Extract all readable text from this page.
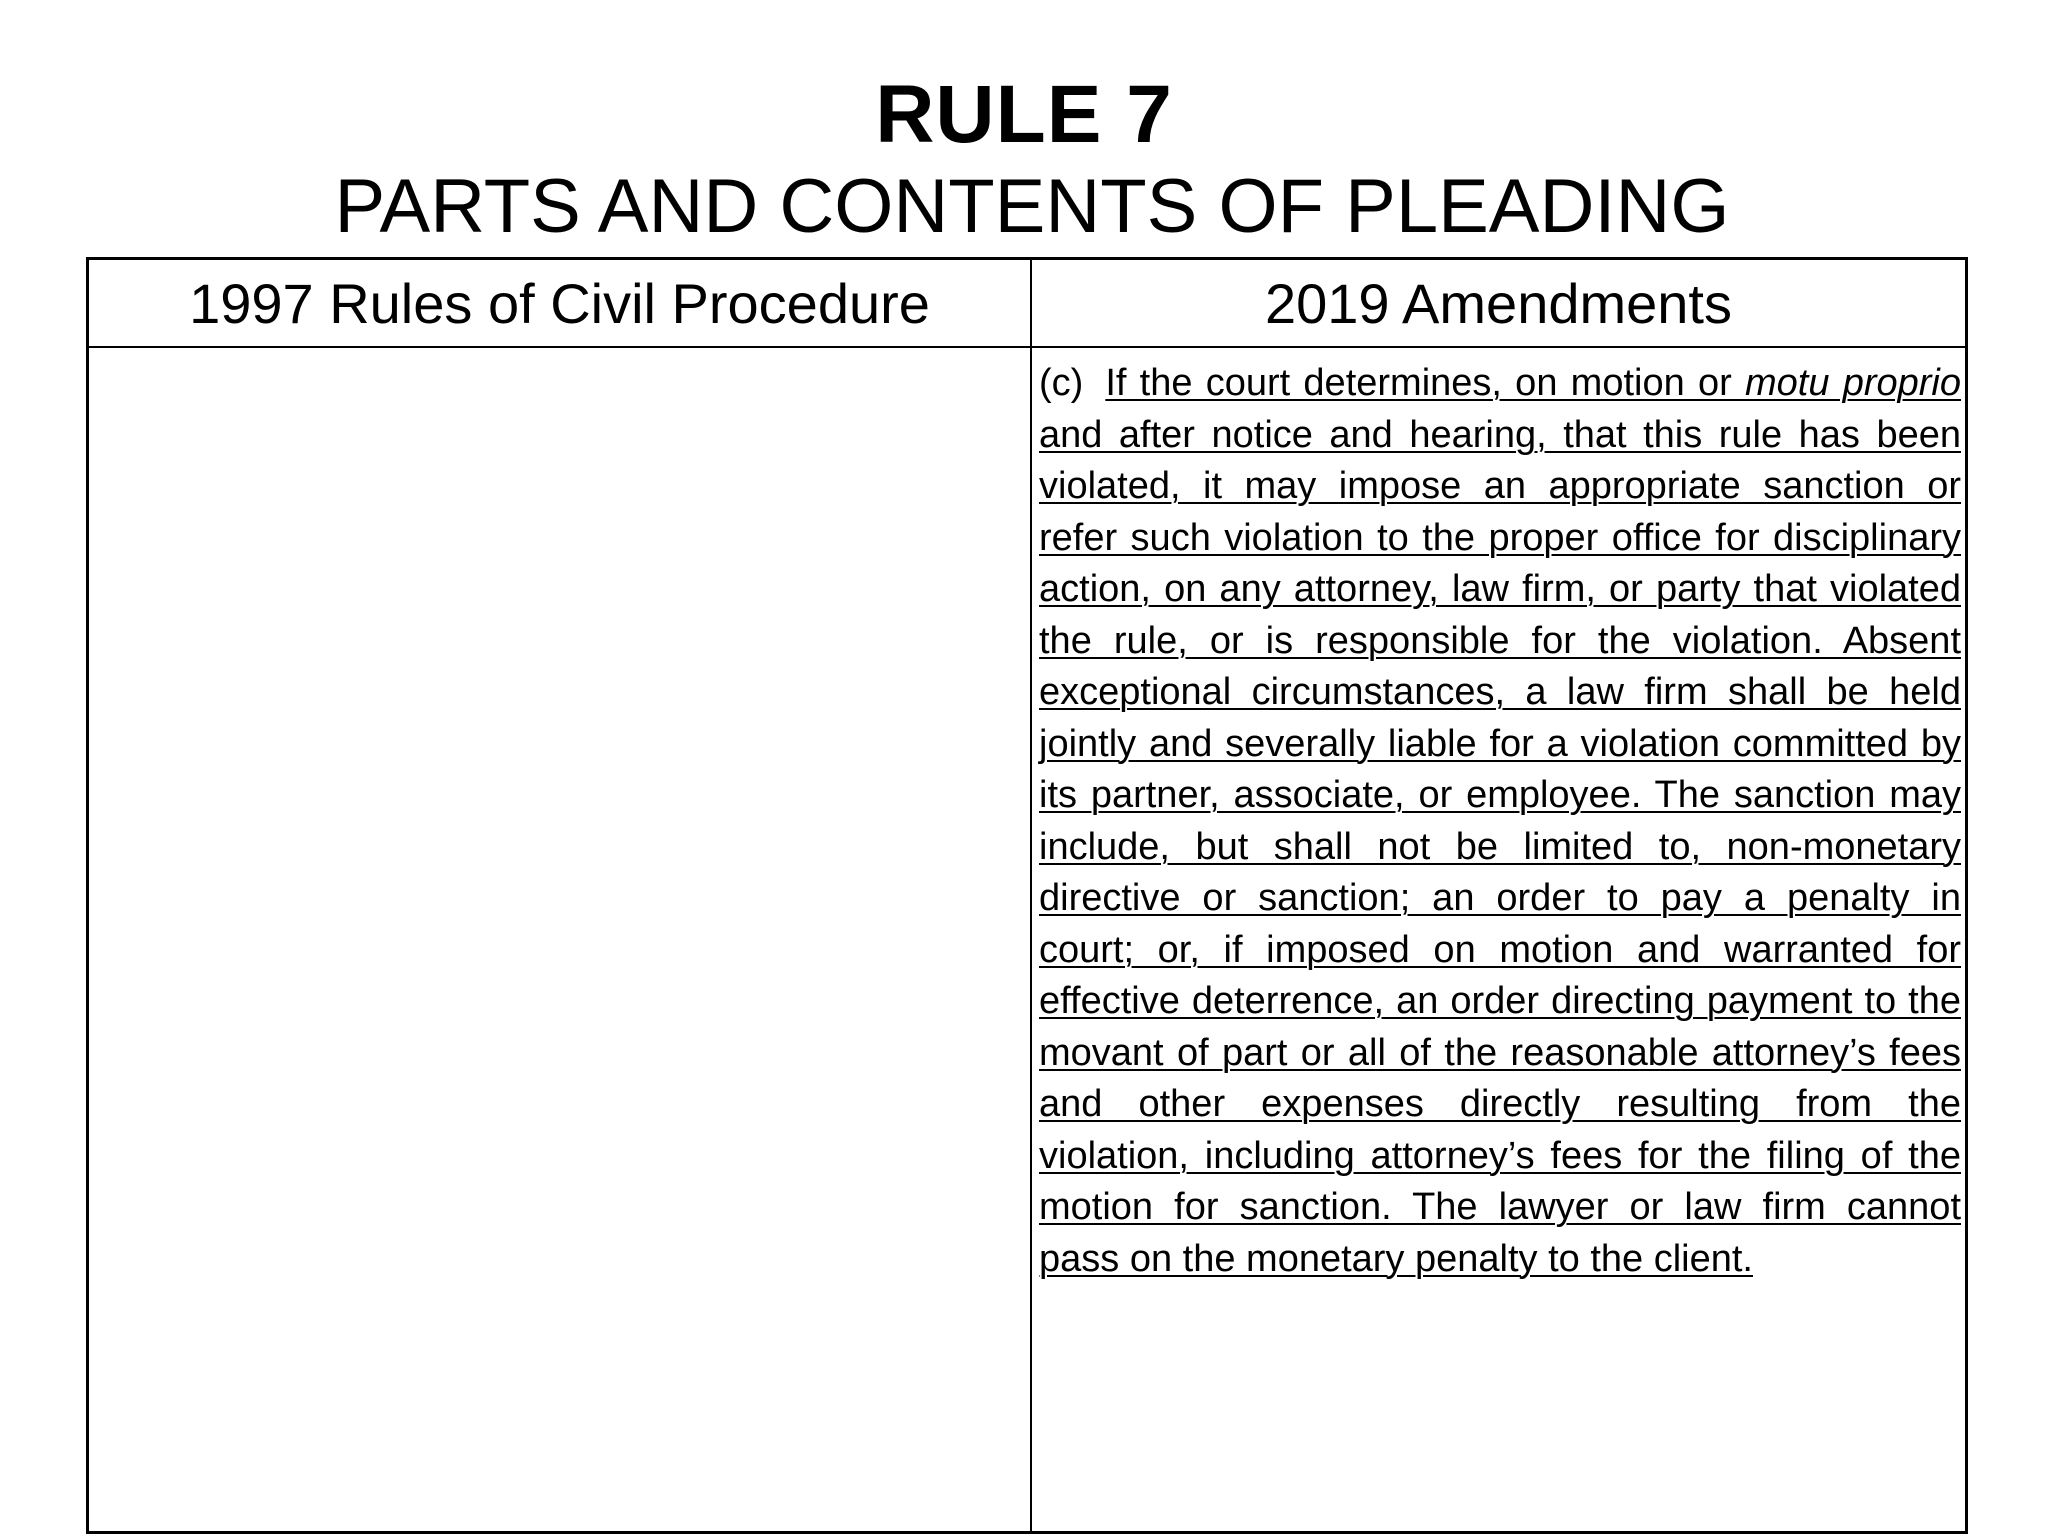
RULE 7
PARTS AND CONTENTS OF PLEADING
1997 Rules of Civil Procedure	2019 Amendments

(c) If the court determines, on motion or motu proprio and after notice and hearing, that this rule has been violated, it may impose an appropriate sanction or refer such violation to the proper office for disciplinary action, on any attorney, law firm, or party that violated the rule, or is responsible for the violation. Absent exceptional circumstances, a law firm shall be held jointly and severally liable for a violation committed by its partner, associate, or employee. The sanction may include, but shall not be limited to, non-monetary directive or sanction; an order to pay a penalty in court; or, if imposed on motion and warranted for effective deterrence, an order directing payment to the movant of part or all of the reasonable attorney’s fees and other expenses directly resulting from the violation, including attorney’s fees for the filing of the motion for sanction. The lawyer or law firm cannot pass on the monetary penalty to the client.
